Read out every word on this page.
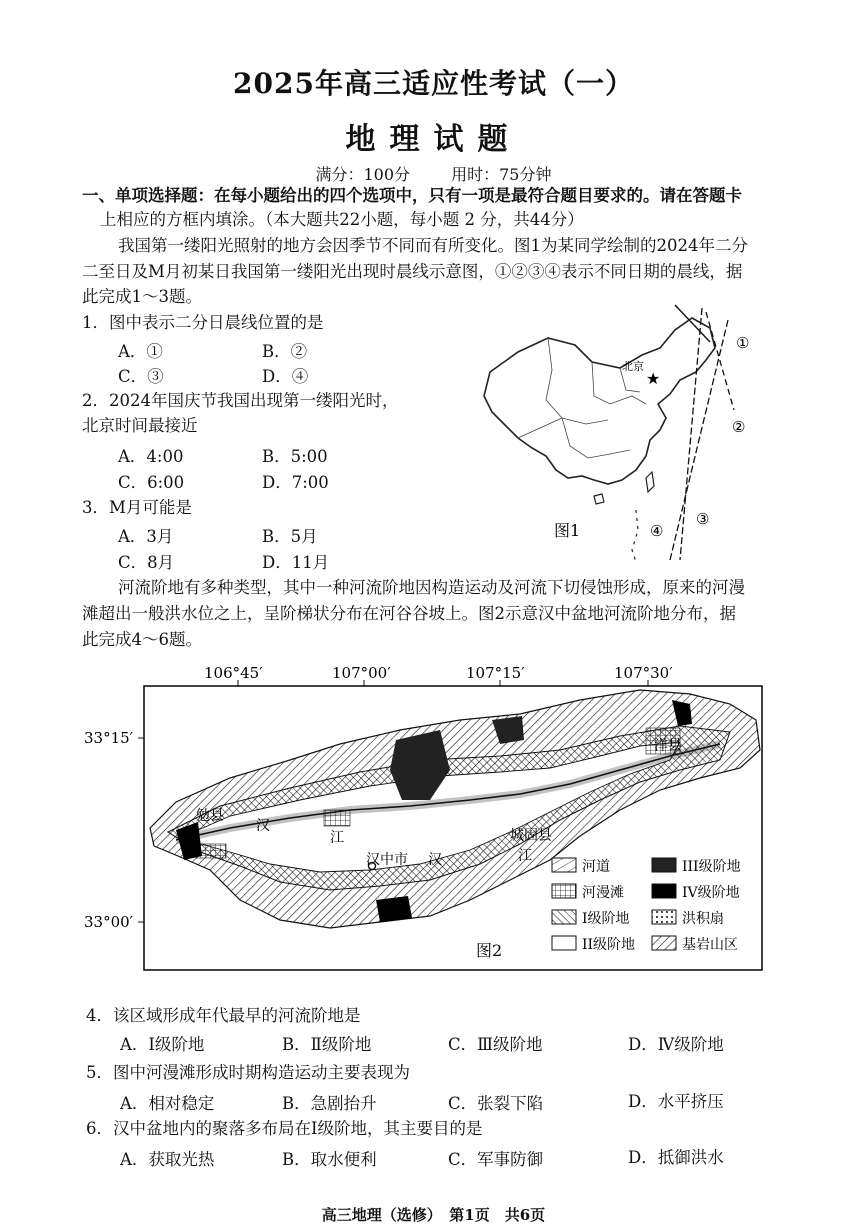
2025年高三适应性考试（一）
地理试题
满分：100分	用时：75分钟
一、单项选择题：在每小题给出的四个选项中，只有一项是最符合题目要求的。请在答题卡
上相应的方框内填涂。（本大题共22小题，每小题 2 分，共44分）
我国第一缕阳光照射的地方会因季节不同而有所变化。图1为某同学绘制的2024年二分
二至日及M月初某日我国第一缕阳光出现时晨线示意图，①②③④表示不同日期的晨线，据
此完成1～3题。
1．图中表示二分日晨线位置的是
A．①	B．②
C．③	D．④
2．2024年国庆节我国出现第一缕阳光时，
北京时间最接近
A．4:00	B．5:00
C．6:00	D．7:00
3．M月可能是
A．3月	B．5月
C．8月	D．11月
★
北京
①
②
③
④
图1
河流阶地有多种类型，其中一种河流阶地因构造运动及河流下切侵蚀形成，原来的河漫
滩超出一般洪水位之上，呈阶梯状分布在河谷谷坡上。图2示意汉中盆地河流阶地分布，据
此完成4～6题。
106°45′	107°00′	107°15′	107°30′
33°15′
33°00′
勉县
汉
江
汉中市 汉
城固县
江
洋县
河道	III级阶地
河漫滩	IV级阶地
I级阶地	洪积扇
II级阶地	基岩山区
图2
4．该区域形成年代最早的河流阶地是
A．Ⅰ级阶地	B．Ⅱ级阶地	C．Ⅲ级阶地	D．Ⅳ级阶地
5．图中河漫滩形成时期构造运动主要表现为
A．相对稳定	B．急剧抬升	C．张裂下陷	D．水平挤压
6．汉中盆地内的聚落多布局在Ⅰ级阶地，其主要目的是
A．获取光热	B．取水便利	C．军事防御	D．抵御洪水
高三地理（选修）　第1页　共6页
